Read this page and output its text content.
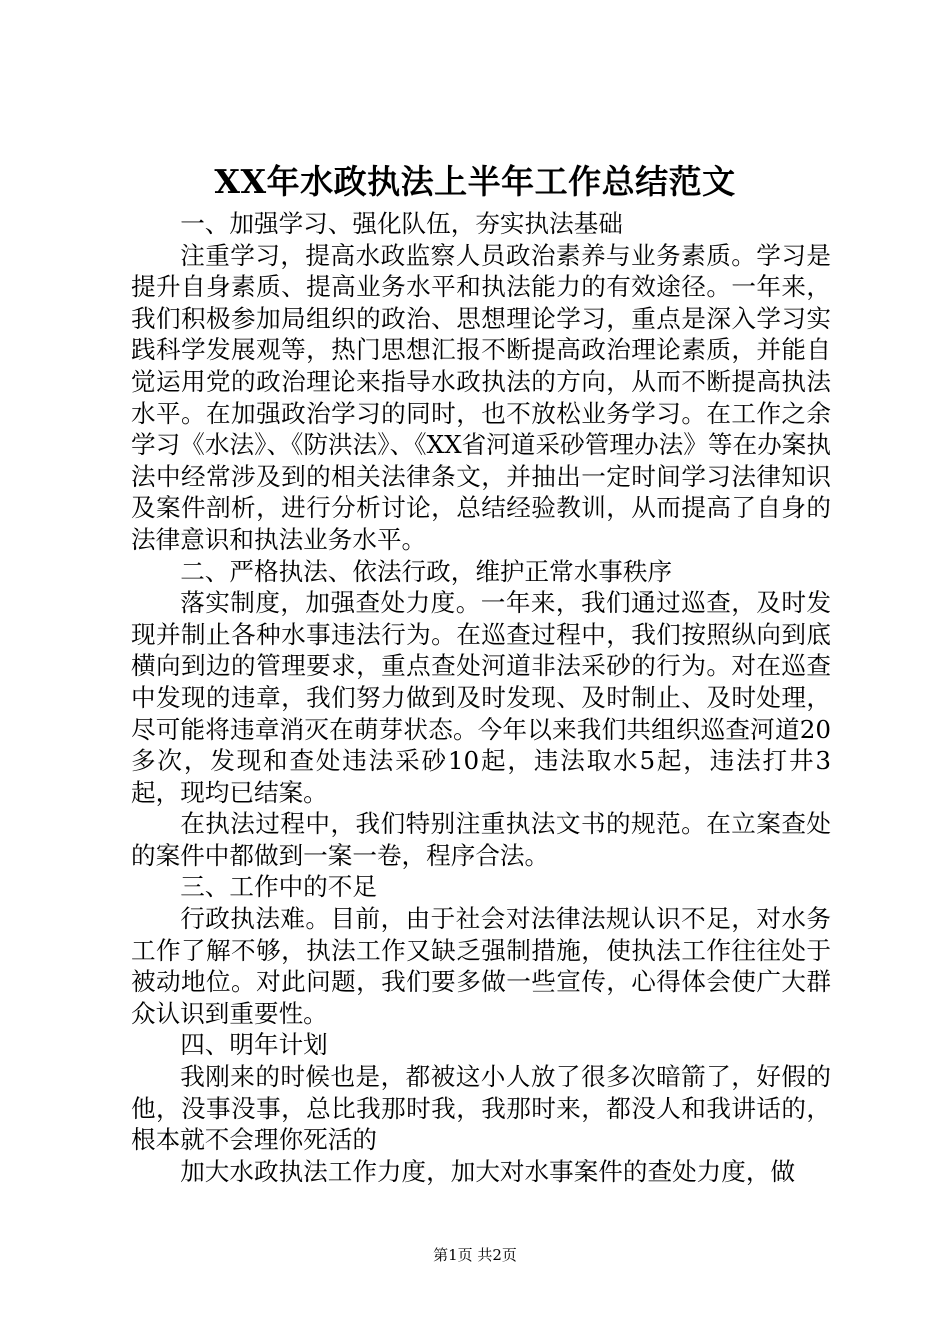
XX年水政执法上半年工作总结范文

一、加强学习、强化队伍，夯实执法基础

注重学习，提高水政监察人员政治素养与业务素质。学习是提升自身素质、提高业务水平和执法能力的有效途径。一年来，我们积极参加局组织的政治、思想理论学习，重点是深入学习实践科学发展观等，热门思想汇报不断提高政治理论素质，并能自觉运用党的政治理论来指导水政执法的方向，从而不断提高执法水平。在加强政治学习的同时，也不放松业务学习。在工作之余学习《水法》、《防洪法》、《XX省河道采砂管理办法》等在办案执法中经常涉及到的相关法律条文，并抽出一定时间学习法律知识及案件剖析，进行分析讨论，总结经验教训，从而提高了自身的法律意识和执法业务水平。

二、严格执法、依法行政，维护正常水事秩序

落实制度，加强查处力度。一年来，我们通过巡查，及时发现并制止各种水事违法行为。在巡查过程中，我们按照纵向到底横向到边的管理要求，重点查处河道非法采砂的行为。对在巡查中发现的违章，我们努力做到及时发现、及时制止、及时处理，尽可能将违章消灭在萌芽状态。今年以来我们共组织巡查河道20多次，发现和查处违法采砂10起，违法取水5起，违法打井3起，现均已结案。

在执法过程中，我们特别注重执法文书的规范。在立案查处的案件中都做到一案一卷，程序合法。

三、工作中的不足

行政执法难。目前，由于社会对法律法规认识不足，对水务工作了解不够，执法工作又缺乏强制措施，使执法工作往往处于被动地位。对此问题，我们要多做一些宣传，心得体会使广大群众认识到重要性。

四、明年计划

我刚来的时候也是，都被这小人放了很多次暗箭了，好假的他，没事没事，总比我那时我，我那时来，都没人和我讲话的，根本就不会理你死活的

加大水政执法工作力度，加大对水事案件的查处力度，做

第1页 共2页
